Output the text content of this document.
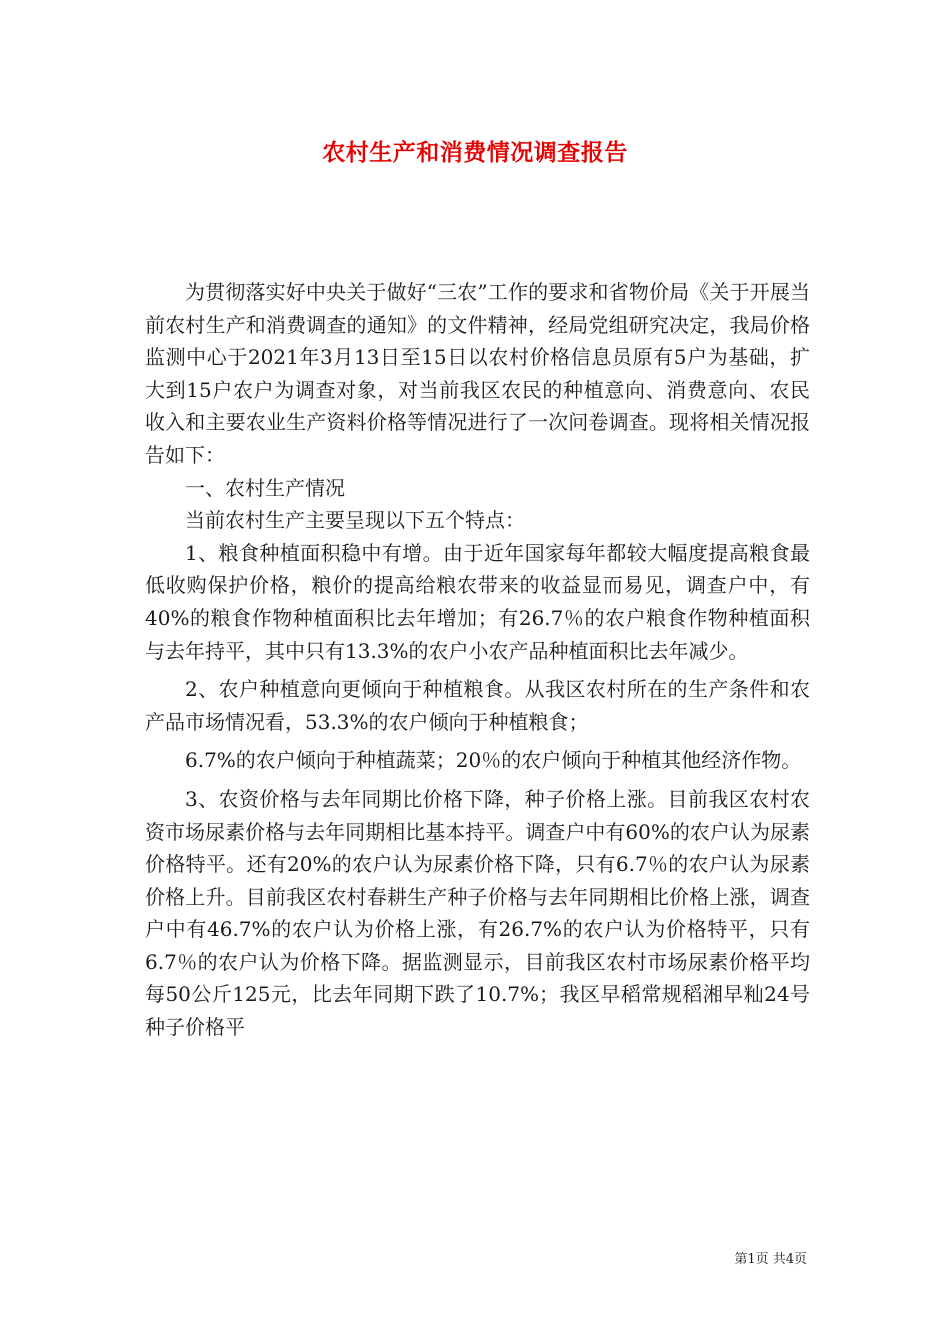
农村生产和消费情况调查报告

为贯彻落实好中央关于做好“三农”工作的要求和省物价局《关于开展当前农村生产和消费调查的通知》的文件精神，经局党组研究决定，我局价格监测中心于2021年3月13日至15日以农村价格信息员原有5户为基础，扩大到15户农户为调查对象，对当前我区农民的种植意向、消费意向、农民收入和主要农业生产资料价格等情况进行了一次问卷调查。现将相关情况报告如下：

一、农村生产情况

当前农村生产主要呈现以下五个特点：

1、粮食种植面积稳中有增。由于近年国家每年都较大幅度提高粮食最低收购保护价格，粮价的提高给粮农带来的收益显而易见，调查户中，有40%的粮食作物种植面积比去年增加；有26.7％的农户粮食作物种植面积与去年持平，其中只有13.3%的农户小农产品种植面积比去年减少。

2、农户种植意向更倾向于种植粮食。从我区农村所在的生产条件和农产品市场情况看，53.3%的农户倾向于种植粮食；

6.7%的农户倾向于种植蔬菜；20％的农户倾向于种植其他经济作物。

3、农资价格与去年同期比价格下降，种子价格上涨。目前我区农村农资市场尿素价格与去年同期相比基本持平。调查户中有60%的农户认为尿素价格特平。还有20%的农户认为尿素价格下降，只有6.7％的农户认为尿素价格上升。目前我区农村春耕生产种子价格与去年同期相比价格上涨，调查户中有46.7%的农户认为价格上涨，有26.7%的农户认为价格特平，只有6.7％的农户认为价格下降。据监测显示，目前我区农村市场尿素价格平均每50公斤125元，比去年同期下跌了10.7%；我区早稻常规稻湘早籼24号种子价格平

第1页 共4页
